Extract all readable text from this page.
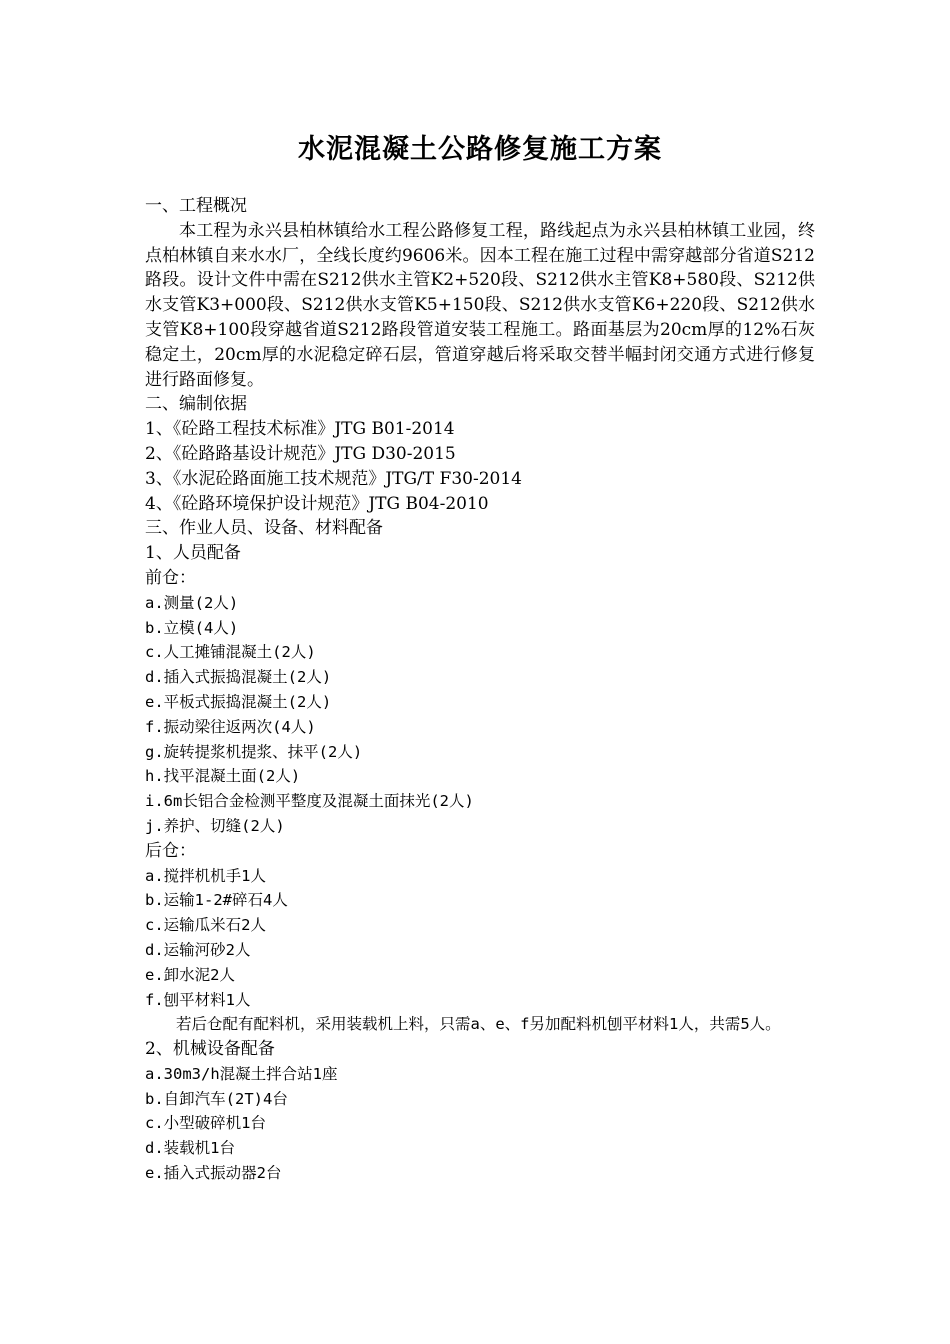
水泥混凝土公路修复施工方案
一、工程概况
本工程为永兴县柏林镇给水工程公路修复工程，路线起点为永兴县柏林镇工业园，终点柏林镇自来水水厂，全线长度约9606米。因本工程在施工过程中需穿越部分省道S212路段。设计文件中需在S212供水主管K2+520段、S212供水主管K8+580段、S212供水支管K3+000段、S212供水支管K5+150段、S212供水支管K6+220段、S212供水支管K8+100段穿越省道S212路段管道安装工程施工。路面基层为20cm厚的12%石灰稳定土，20cm厚的水泥稳定碎石层，管道穿越后将采取交替半幅封闭交通方式进行修复进行路面修复。
二、编制依据
1、《砼路工程技术标准》JTG B01-2014
2、《砼路路基设计规范》JTG D30-2015
3、《水泥砼路面施工技术规范》JTG/T F30-2014
4、《砼路环境保护设计规范》JTG B04-2010
三、作业人员、设备、材料配备
1、人员配备
前仓：
a.测量(2人)
b.立模(4人)
c.人工摊铺混凝土(2人)
d.插入式振捣混凝土(2人)
e.平板式振捣混凝土(2人)
f.振动梁往返两次(4人)
g.旋转提浆机提浆、抹平(2人)
h.找平混凝土面(2人)
i.6m长铝合金检测平整度及混凝土面抹光(2人)
j.养护、切缝(2人)
后仓：
a.搅拌机机手1人
b.运输1-2#碎石4人
c.运输瓜米石2人
d.运输河砂2人
e.卸水泥2人
f.刨平材料1人
若后仓配有配料机，采用装载机上料，只需a、e、f另加配料机刨平材料1人，共需5人。
2、机械设备配备
a.30m3/h混凝土拌合站1座
b.自卸汽车(2T)4台
c.小型破碎机1台
d.装载机1台
e.插入式振动器2台
